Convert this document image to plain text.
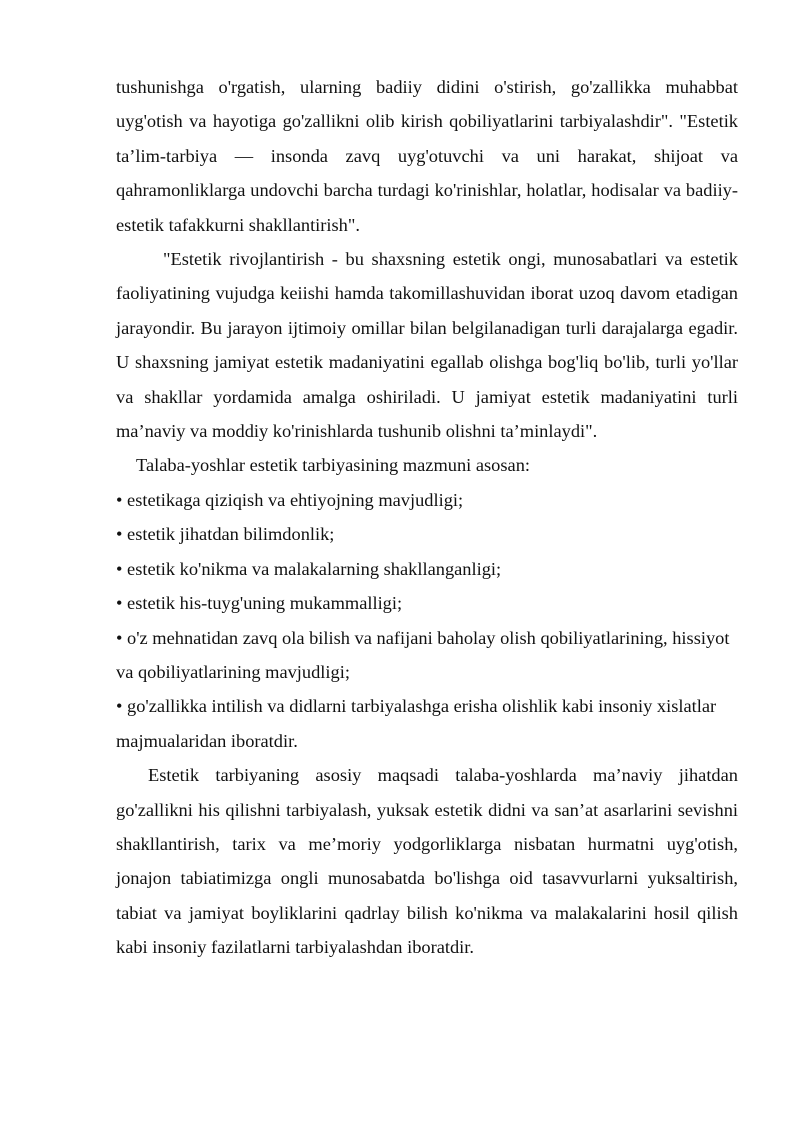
tushunishga o'rgatish, ularning badiiy didini o'stirish, go'zallikka muhabbat uyg'otish va hayotiga go'zallikni olib kirish qobiliyatlarini tarbiyalashdir". "Estetik ta’lim-tarbiya — insonda zavq uyg'otuvchi va uni harakat, shijoat va qahramonliklarga undovchi barcha turdagi ko'rinishlar, holatlar, hodisalar va badiiy-estetik tafakkurni shakllantirish".

"Estetik rivojlantirish - bu shaxsning estetik ongi, munosabatlari va estetik faoliyatining vujudga keiishi hamda takomillashuvidan iborat uzoq davom etadigan jarayondir. Bu jarayon ijtimoiy omillar bilan belgilanadigan turli darajalarga egadir. U shaxsning jamiyat estetik madaniyatini egallab olishga bog'liq bo'lib, turli yo'llar va shakllar yordamida amalga oshiriladi. U jamiyat estetik madaniyatini turli ma’naviy va moddiy ko'rinishlarda tushunib olishni ta’minlaydi".

Talaba-yoshlar estetik tarbiyasining mazmuni asosan:

• estetikaga qiziqish va ehtiyojning mavjudligi;
• estetik jihatdan bilimdonlik;
• estetik ko'nikma va malakalarning shakllanganligi;
• estetik his-tuyg'uning mukammalligi;
• o'z mehnatidan zavq ola bilish va nafijani baholay olish qobiliyatlarining, hissiyot va qobiliyatlarining mavjudligi;
• go'zallikka intilish va didlarni tarbiyalashga erisha olishlik kabi insoniy xislatlar majmualaridan iboratdir.

Estetik tarbiyaning asosiy maqsadi talaba-yoshlarda ma’naviy jihatdan go'zallikni his qilishni tarbiyalash, yuksak estetik didni va san’at asarlarini sevishni shakllantirish, tarix va me’moriy yodgorliklarga nisbatan hurmatni uyg'otish, jonajon tabiatimizga ongli munosabatda bo'lishga oid tasavvurlarni yuksaltirish, tabiat va jamiyat boyliklarini qadrlay bilish ko'nikma va malakalarini hosil qilish kabi insoniy fazilatlarni tarbiyalashdan iboratdir.
